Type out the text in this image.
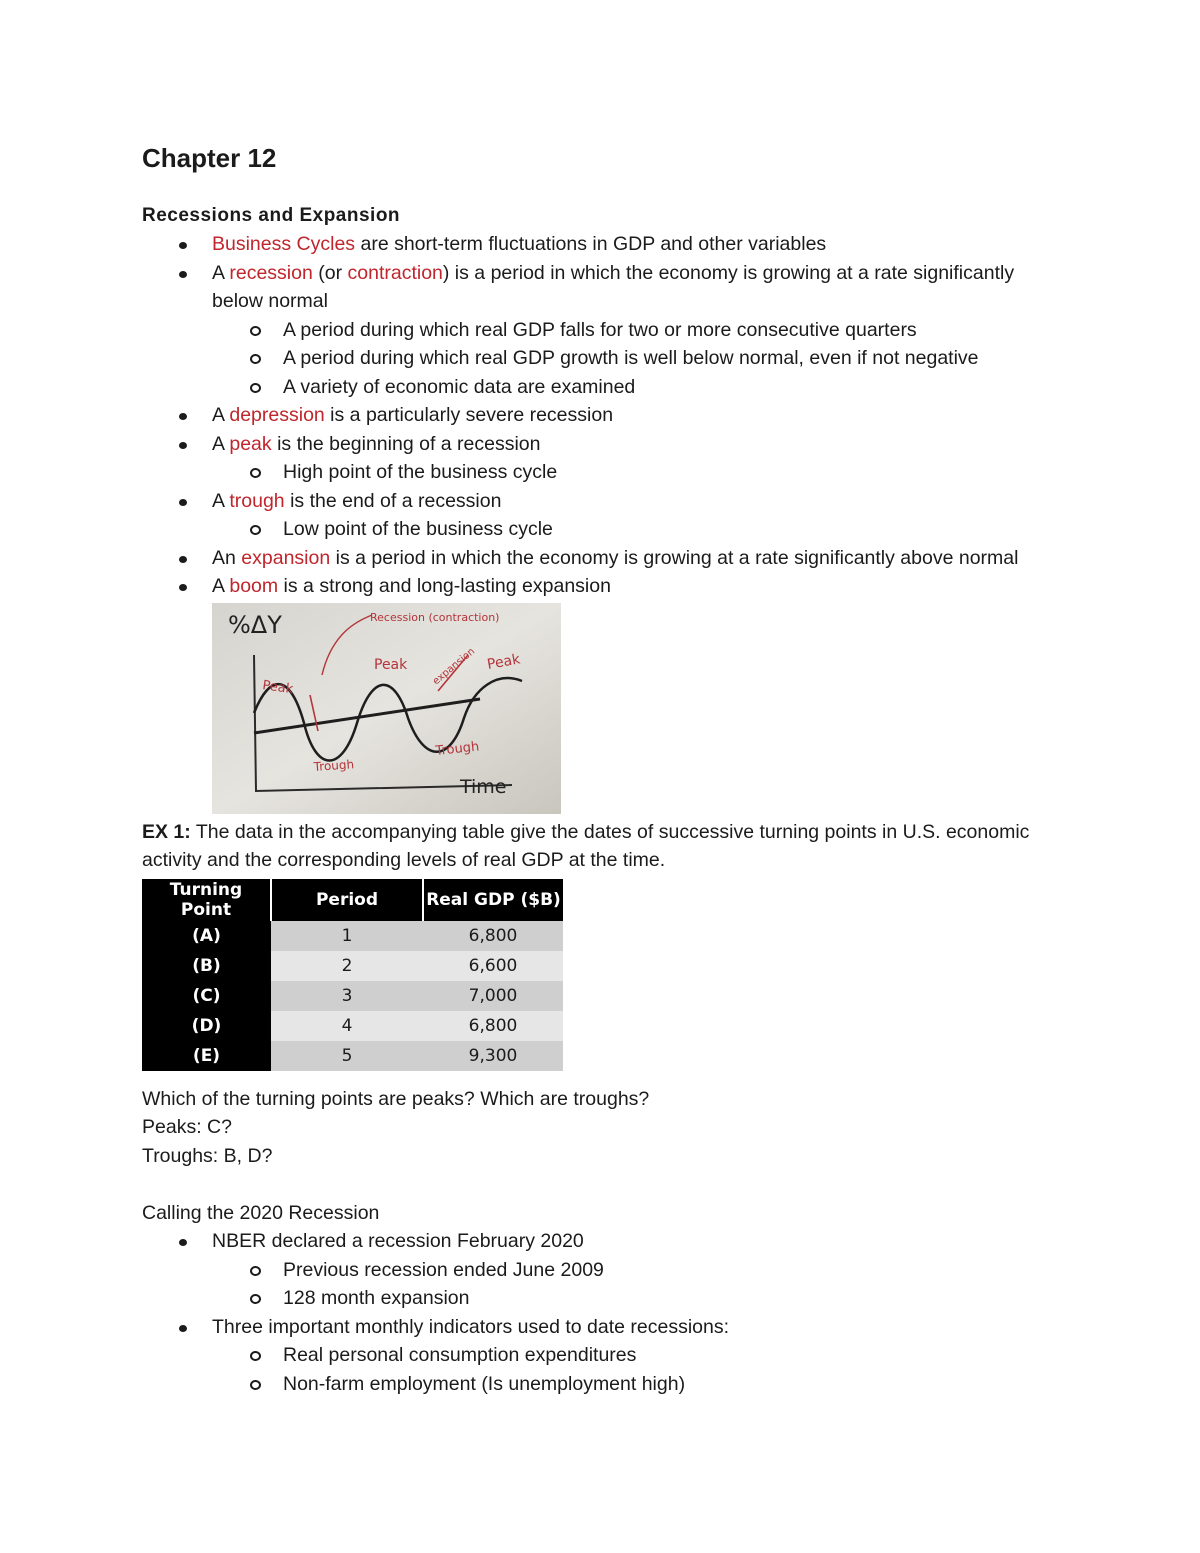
Chapter 12
Recessions and Expansion
Business Cycles are short-term fluctuations in GDP and other variables
A recession (or contraction) is a period in which the economy is growing at a rate significantly below normal
A period during which real GDP falls for two or more consecutive quarters
A period during which real GDP growth is well below normal, even if not negative
A variety of economic data are examined
A depression is a particularly severe recession
A peak is the beginning of a recession
High point of the business cycle
A trough is the end of a recession
Low point of the business cycle
An expansion is a period in which the economy is growing at a rate significantly above normal
A boom is a strong and long-lasting expansion
%ΔY
Time
Peak
Trough
Peak
Trough
Peak
Recession (contraction)
expansion
EX 1: The data in the accompanying table give the dates of successive turning points in U.S. economic activity and the corresponding levels of real GDP at the time.
Turning Point	Period	Real GDP ($B)
(A)	1	6,800
(B)	2	6,600
(C)	3	7,000
(D)	4	6,800
(E)	5	9,300
Which of the turning points are peaks? Which are troughs?
Peaks: C?
Troughs: B, D?
Calling the 2020 Recession
NBER declared a recession February 2020
Previous recession ended June 2009
128 month expansion
Three important monthly indicators used to date recessions:
Real personal consumption expenditures
Non-farm employment (Is unemployment high)
